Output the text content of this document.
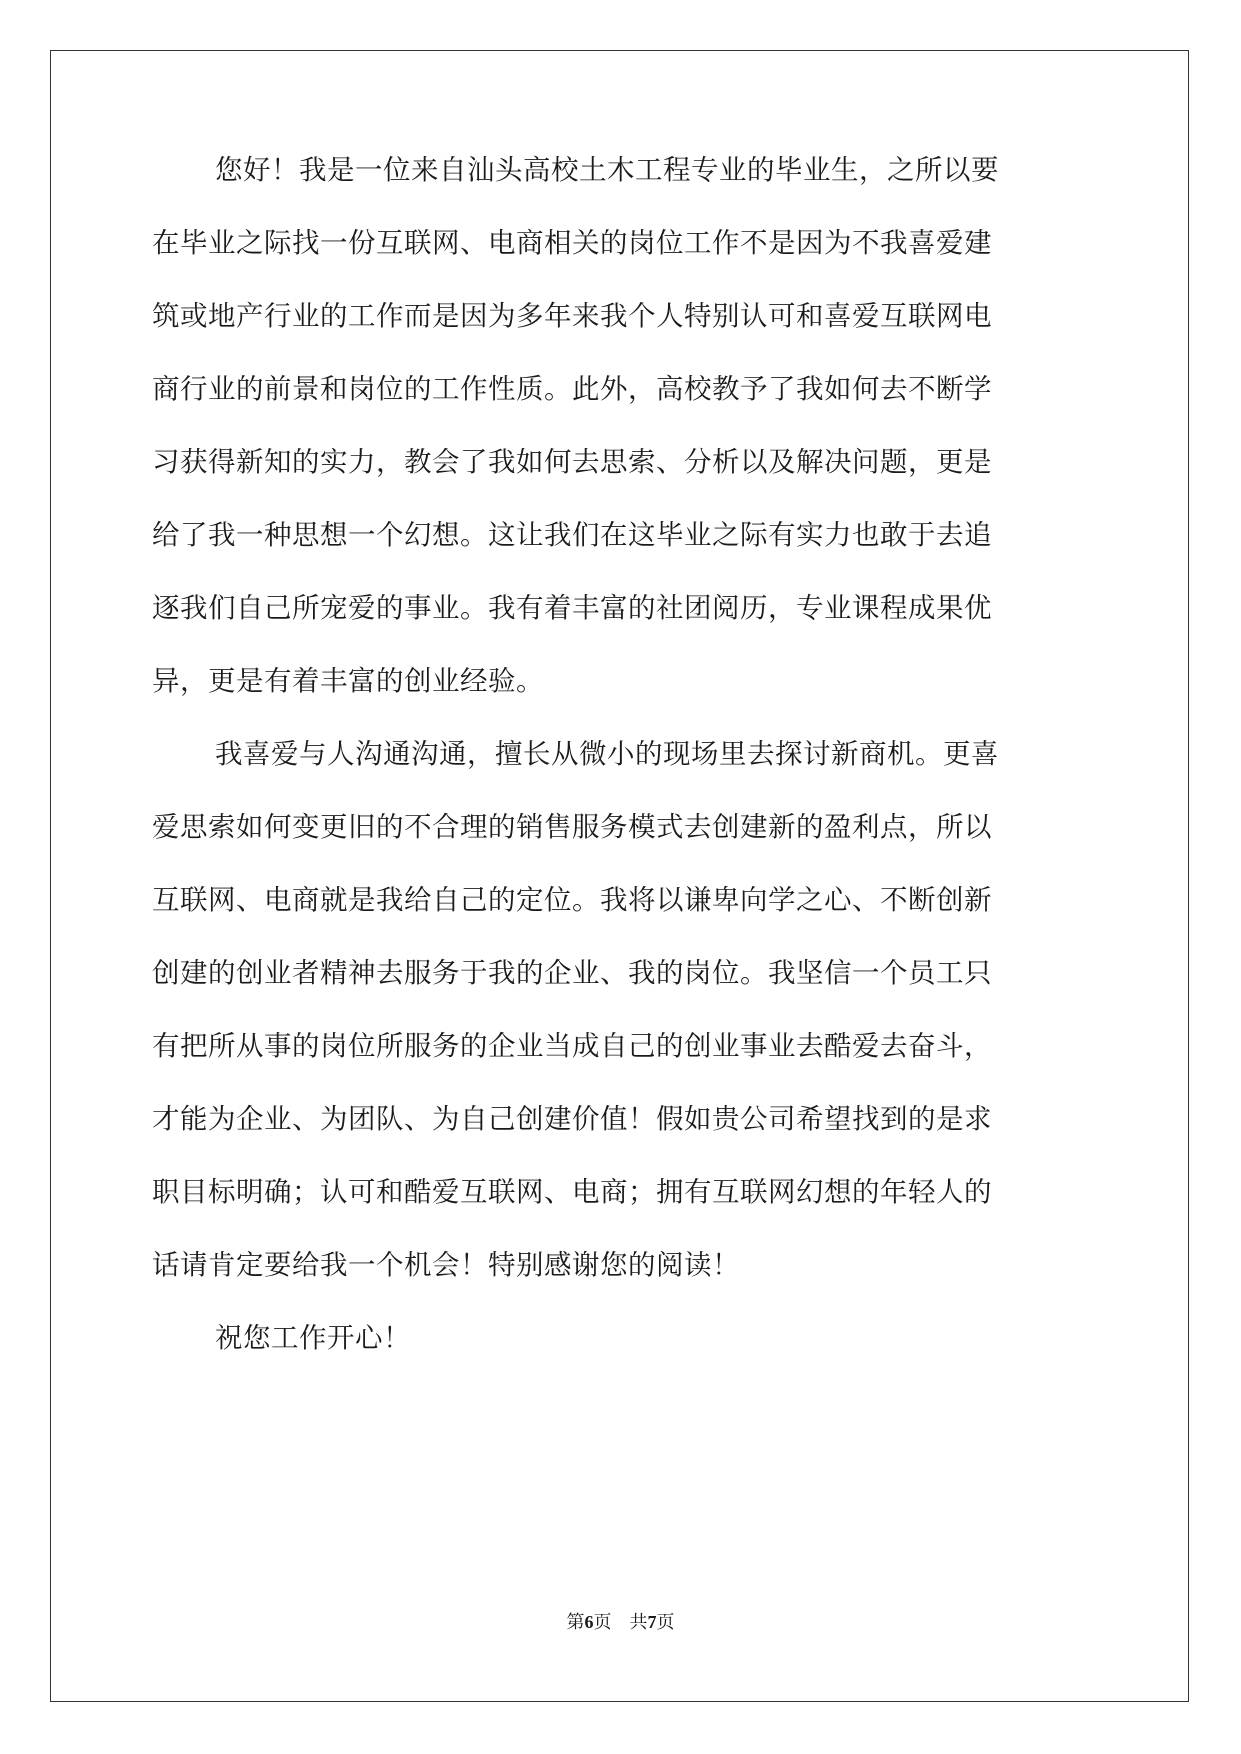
您好！我是一位来自汕头高校土木工程专业的毕业生，之所以要
在毕业之际找一份互联网、电商相关的岗位工作不是因为不我喜爱建
筑或地产行业的工作而是因为多年来我个人特别认可和喜爱互联网电
商行业的前景和岗位的工作性质。此外，高校教予了我如何去不断学
习获得新知的实力，教会了我如何去思索、分析以及解决问题，更是
给了我一种思想一个幻想。这让我们在这毕业之际有实力也敢于去追
逐我们自己所宠爱的事业。我有着丰富的社团阅历，专业课程成果优
异，更是有着丰富的创业经验。
我喜爱与人沟通沟通，擅长从微小的现场里去探讨新商机。更喜
爱思索如何变更旧的不合理的销售服务模式去创建新的盈利点，所以
互联网、电商就是我给自己的定位。我将以谦卑向学之心、不断创新
创建的创业者精神去服务于我的企业、我的岗位。我坚信一个员工只
有把所从事的岗位所服务的企业当成自己的创业事业去酷爱去奋斗，
才能为企业、为团队、为自己创建价值！假如贵公司希望找到的是求
职目标明确；认可和酷爱互联网、电商；拥有互联网幻想的年轻人的
话请肯定要给我一个机会！特别感谢您的阅读！
祝您工作开心！
第6页 共7页
